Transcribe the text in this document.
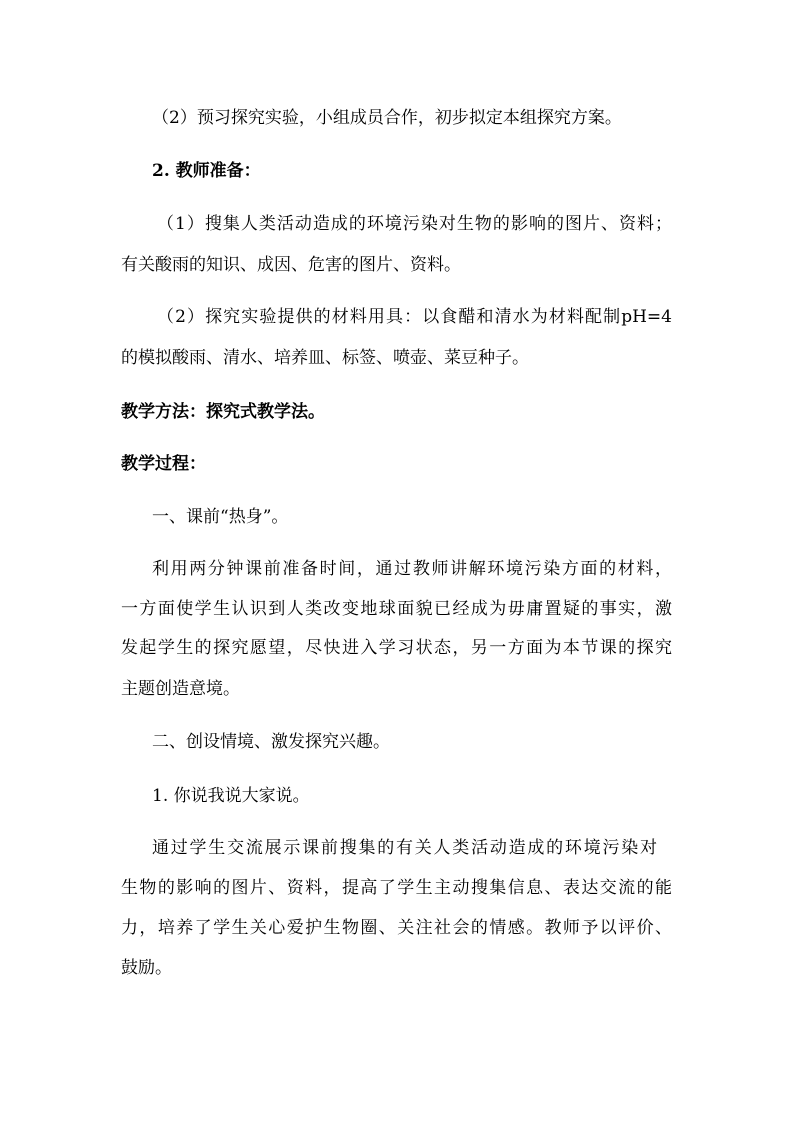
（2）预习探究实验，小组成员合作，初步拟定本组探究方案。
2. 教师准备：
（1）搜集人类活动造成的环境污染对生物的影响的图片、资料；
有关酸雨的知识、成因、危害的图片、资料。
（2）探究实验提供的材料用具：以食醋和清水为材料配制pH=4
的模拟酸雨、清水、培养皿、标签、喷壶、菜豆种子。
教学方法：探究式教学法。
教学过程：
一、课前“热身”。
利用两分钟课前准备时间，通过教师讲解环境污染方面的材料，
一方面使学生认识到人类改变地球面貌已经成为毋庸置疑的事实，激
发起学生的探究愿望，尽快进入学习状态，另一方面为本节课的探究
主题创造意境。
二、创设情境、激发探究兴趣。
1. 你说我说大家说。
通过学生交流展示课前搜集的有关人类活动造成的环境污染对
生物的影响的图片、资料，提高了学生主动搜集信息、表达交流的能
力，培养了学生关心爱护生物圈、关注社会的情感。教师予以评价、
鼓励。
